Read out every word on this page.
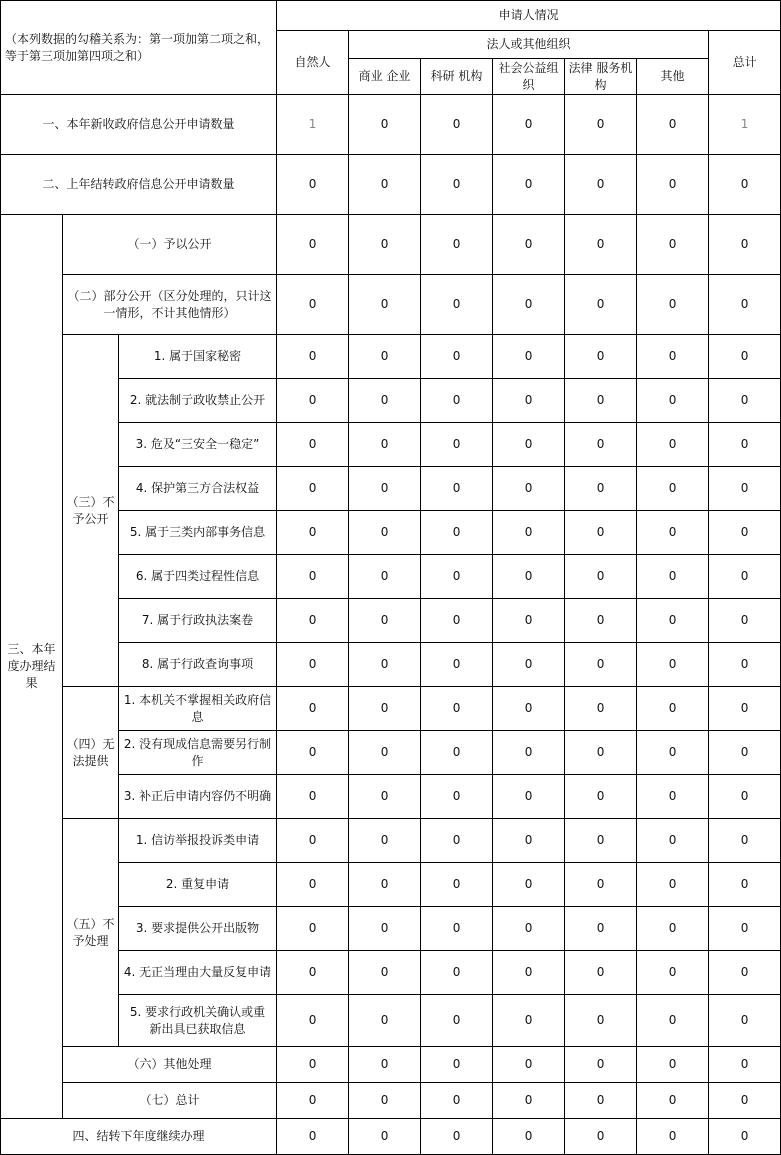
（本列数据的勾稽关系为：第一项加第二项之和， 等于第三项加第四项之和）			申请人情况						
			自然人	法人或其他组织					总计
				商业 企业	科研 机构	社会公益组织	法律 服务机构	其他	
一、本年新收政府信息公开申请数量			1	0	0	0	0	0	1
二、上年结转政府信息公开申请数量			0	0	0	0	0	0	0
三、本年度办理结果	（一）予以公开		0	0	0	0	0	0	0
	（二）部分公开（区分处理的，只计这一情形，不计其他情形）		0	0	0	0	0	0	0
	（三）不予公开	1. 属于国家秘密	0	0	0	0	0	0	0
		2. 就法制亍政收禁止公开	0	0	0	0	0	0	0
		3. 危及“三安全一稳定”	0	0	0	0	0	0	0
		4. 保护第三方合法权益	0	0	0	0	0	0	0
		5. 属于三类内部事务信息	0	0	0	0	0	0	0
		6. 属于四类过程性信息	0	0	0	0	0	0	0
		7. 属于行政执法案卷	0	0	0	0	0	0	0
		8. 属于行政查询事项	0	0	0	0	0	0	0
	（四）无法提供	1. 本机关不掌握相关政府信息	0	0	0	0	0	0	0
		2. 没有现成信息需要另行制作	0	0	0	0	0	0	0
		3. 补正后申请内容仍不明确	0	0	0	0	0	0	0
	（五）不予处理	1. 信访举报投诉类申请	0	0	0	0	0	0	0
		2. 重复申请	0	0	0	0	0	0	0
		3. 要求提供公开出版物	0	0	0	0	0	0	0
		4. 无正当理由大量反复申请	0	0	0	0	0	0	0
		5. 要求行政机关确认或重 新出具已获取信息	0	0	0	0	0	0	0
	（六）其他处理		0	0	0	0	0	0	0
	（七）总计		0	0	0	0	0	0	0
四、结转下年度继续办理			0	0	0	0	0	0	0
